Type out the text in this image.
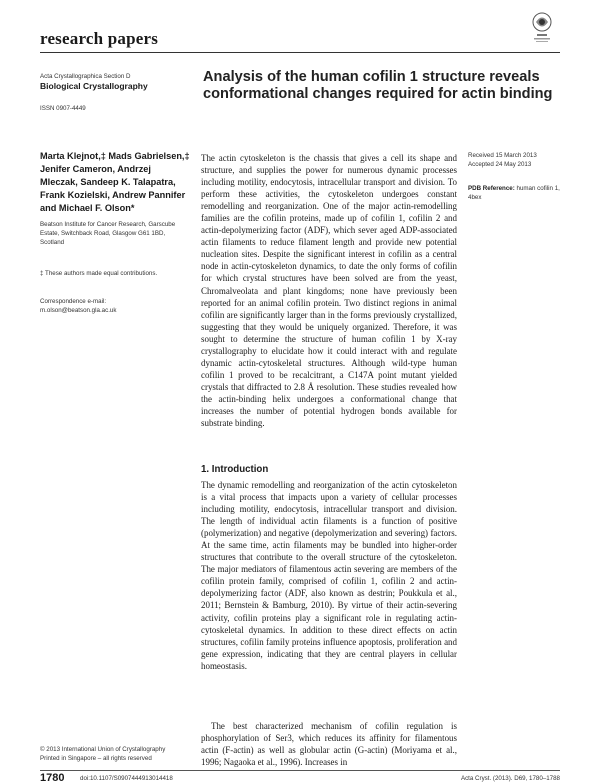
research papers
Acta Crystallographica Section D
Biological Crystallography
ISSN 0907-4449
Analysis of the human cofilin 1 structure reveals conformational changes required for actin binding
Marta Klejnot,‡ Mads Gabrielsen,‡ Jenifer Cameron, Andrzej Mleczak, Sandeep K. Talapatra, Frank Kozielski, Andrew Pannifer and Michael F. Olson*
Beatson Institute for Cancer Research, Garscube Estate, Switchback Road, Glasgow G61 1BD, Scotland
‡ These authors made equal contributions.
Correspondence e-mail: m.olson@beatson.gla.ac.uk
Received 15 March 2013
Accepted 24 May 2013
PDB Reference: human cofilin 1, 4bex
The actin cytoskeleton is the chassis that gives a cell its shape and structure, and supplies the power for numerous dynamic processes including motility, endocytosis, intracellular transport and division. To perform these activities, the cytoskeleton undergoes constant remodelling and reorganization. One of the major actin-remodelling families are the cofilin proteins, made up of cofilin 1, cofilin 2 and actin-depolymerizing factor (ADF), which sever aged ADP-associated actin filaments to reduce filament length and provide new potential nucleation sites. Despite the significant interest in cofilin as a central node in actin-cytoskeleton dynamics, to date the only forms of cofilin for which crystal structures have been solved are from the yeast, Chromalveolata and plant kingdoms; none have previously been reported for an animal cofilin protein. Two distinct regions in animal cofilin are significantly larger than in the forms previously crystallized, suggesting that they would be uniquely organized. Therefore, it was sought to determine the structure of human cofilin 1 by X-ray crystallography to elucidate how it could interact with and regulate dynamic actin-cytoskeletal structures. Although wild-type human cofilin 1 proved to be recalcitrant, a C147A point mutant yielded crystals that diffracted to 2.8 Å resolution. These studies revealed how the actin-binding helix undergoes a conformational change that increases the number of potential hydrogen bonds available for substrate binding.
1. Introduction
The dynamic remodelling and reorganization of the actin cytoskeleton is a vital process that impacts upon a variety of cellular processes including motility, endocytosis, intracellular transport and division. The length of individual actin filaments is a function of positive (polymerization) and negative (depolymerization and severing) factors. At the same time, actin filaments may be bundled into higher-order structures that contribute to the overall structure of the cytoskeleton. The major mediators of filamentous actin severing are members of the cofilin protein family, comprised of cofilin 1, cofilin 2 and actin-depolymerizing factor (ADF, also known as destrin; Poukkula et al., 2011; Bernstein & Bamburg, 2010). By virtue of their actin-severing activity, cofilin proteins play a significant role in regulating actin-cytoskeletal dynamics. In addition to these direct effects on actin structures, cofilin family proteins influence apoptosis, proliferation and gene expression, indicating that they are central players in cellular homeostasis.
The best characterized mechanism of cofilin regulation is phosphorylation of Ser3, which reduces its affinity for filamentous actin (F-actin) as well as globular actin (G-actin) (Moriyama et al., 1996; Nagaoka et al., 1996). Increases in
© 2013 International Union of Crystallography
Printed in Singapore – all rights reserved
1780	doi:10.1107/S0907444913014418	Acta Cryst. (2013). D69, 1780–1788
